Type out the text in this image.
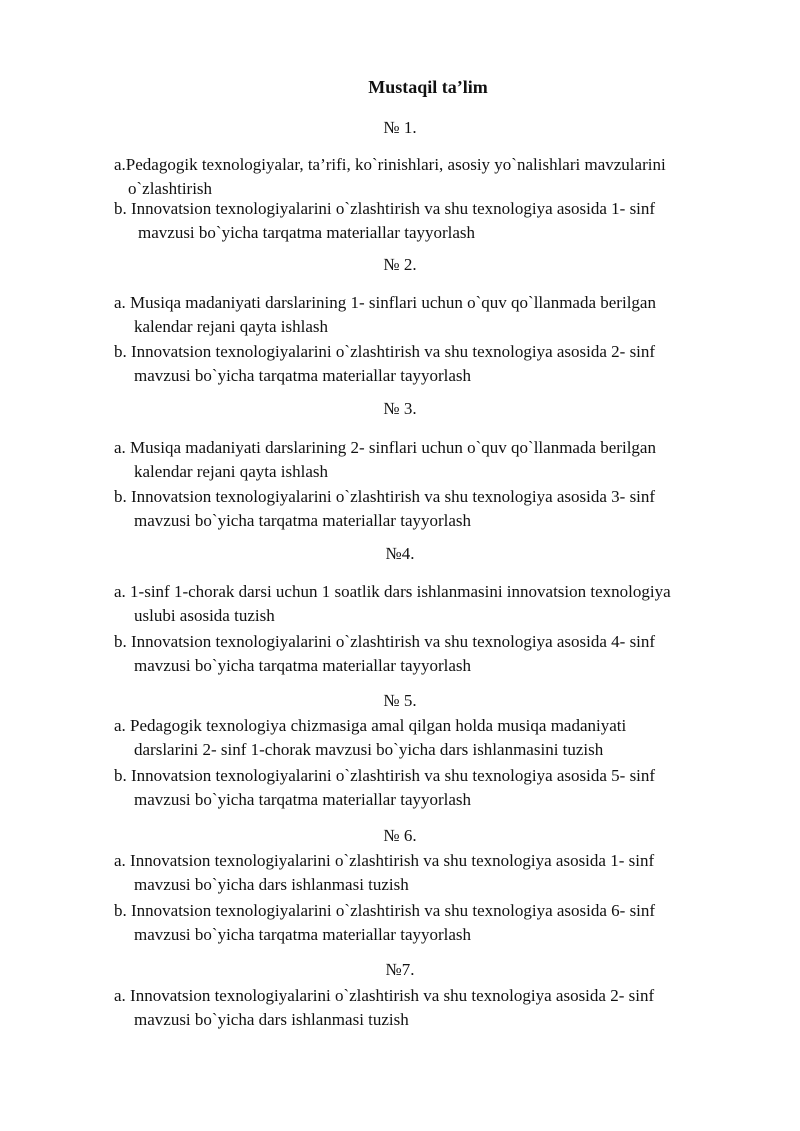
Mustaqil ta’lim
№ 1.
a.Pedagogik texnologiyalar, ta’rifi, ko`rinishlari, asosiy yo`nalishlari mavzularini
o`zlashtirish
b. Innovatsion texnologiyalarini o`zlashtirish va shu texnologiya asosida 1- sinf
mavzusi bo`yicha tarqatma materiallar tayyorlash
№ 2.
a. Musiqa madaniyati darslarining 1- sinflari uchun o`quv qo`llanmada berilgan
kalendar rejani qayta ishlash
b. Innovatsion texnologiyalarini o`zlashtirish va shu texnologiya asosida 2- sinf
mavzusi bo`yicha tarqatma materiallar tayyorlash
№ 3.
a. Musiqa madaniyati darslarining 2- sinflari uchun o`quv qo`llanmada berilgan
kalendar rejani qayta ishlash
b. Innovatsion texnologiyalarini o`zlashtirish va shu texnologiya asosida 3- sinf
mavzusi bo`yicha tarqatma materiallar tayyorlash
№4.
a. 1-sinf 1-chorak darsi uchun 1 soatlik dars ishlanmasini innovatsion texnologiya
uslubi asosida tuzish
b. Innovatsion texnologiyalarini o`zlashtirish va shu texnologiya asosida 4- sinf
mavzusi bo`yicha tarqatma materiallar tayyorlash
№ 5.
a. Pedagogik texnologiya chizmasiga amal qilgan holda musiqa madaniyati
darslarini 2- sinf 1-chorak mavzusi bo`yicha dars ishlanmasini tuzish
b. Innovatsion texnologiyalarini o`zlashtirish va shu texnologiya asosida 5- sinf
mavzusi bo`yicha tarqatma materiallar tayyorlash
№ 6.
a. Innovatsion texnologiyalarini o`zlashtirish va shu texnologiya asosida 1- sinf
mavzusi bo`yicha dars ishlanmasi tuzish
b. Innovatsion texnologiyalarini o`zlashtirish va shu texnologiya asosida 6- sinf
mavzusi bo`yicha tarqatma materiallar tayyorlash
№7.
a. Innovatsion texnologiyalarini o`zlashtirish va shu texnologiya asosida 2- sinf
mavzusi bo`yicha dars ishlanmasi tuzish
